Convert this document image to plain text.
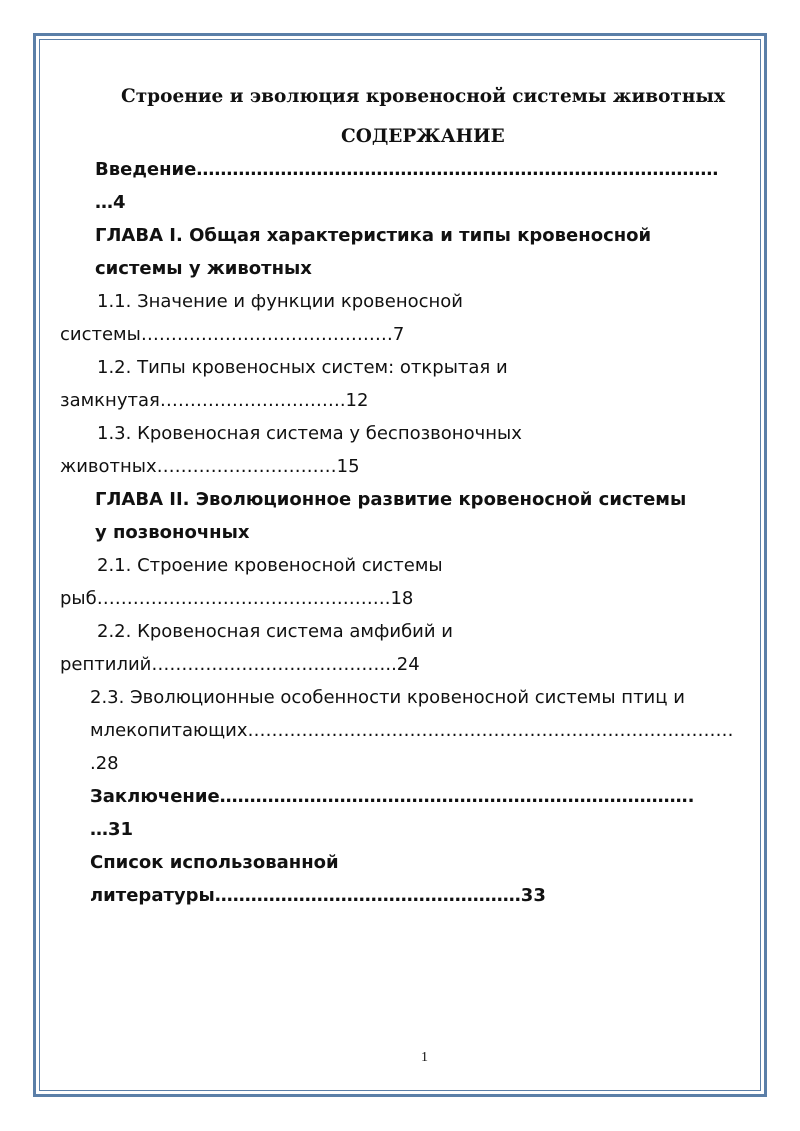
Строение и эволюция кровеносной системы животных
СОДЕРЖАНИЕ
Введение……………………………………………………………………………
…4
ГЛАВА I. Общая характеристика и типы кровеносной
системы у животных
1.1. Значение и функции кровеносной
системы……………………………………7
1.2. Типы кровеносных систем: открытая и
замкнутая………………………….12
1.3. Кровеносная система у беспозвоночных
животных…………………………15
ГЛАВА II. Эволюционное развитие кровеносной системы
у позвоночных
2.1. Строение кровеносной системы
рыб………………………………………….18
2.2. Кровеносная система амфибий и
рептилий…………………………………..24
2.3. Эволюционные особенности кровеносной системы птиц и
млекопитающих………………………………………………………………………
.28
Заключение…………………………………………………………………….
…31
Список использованной
литературы……………………………………………33
1
